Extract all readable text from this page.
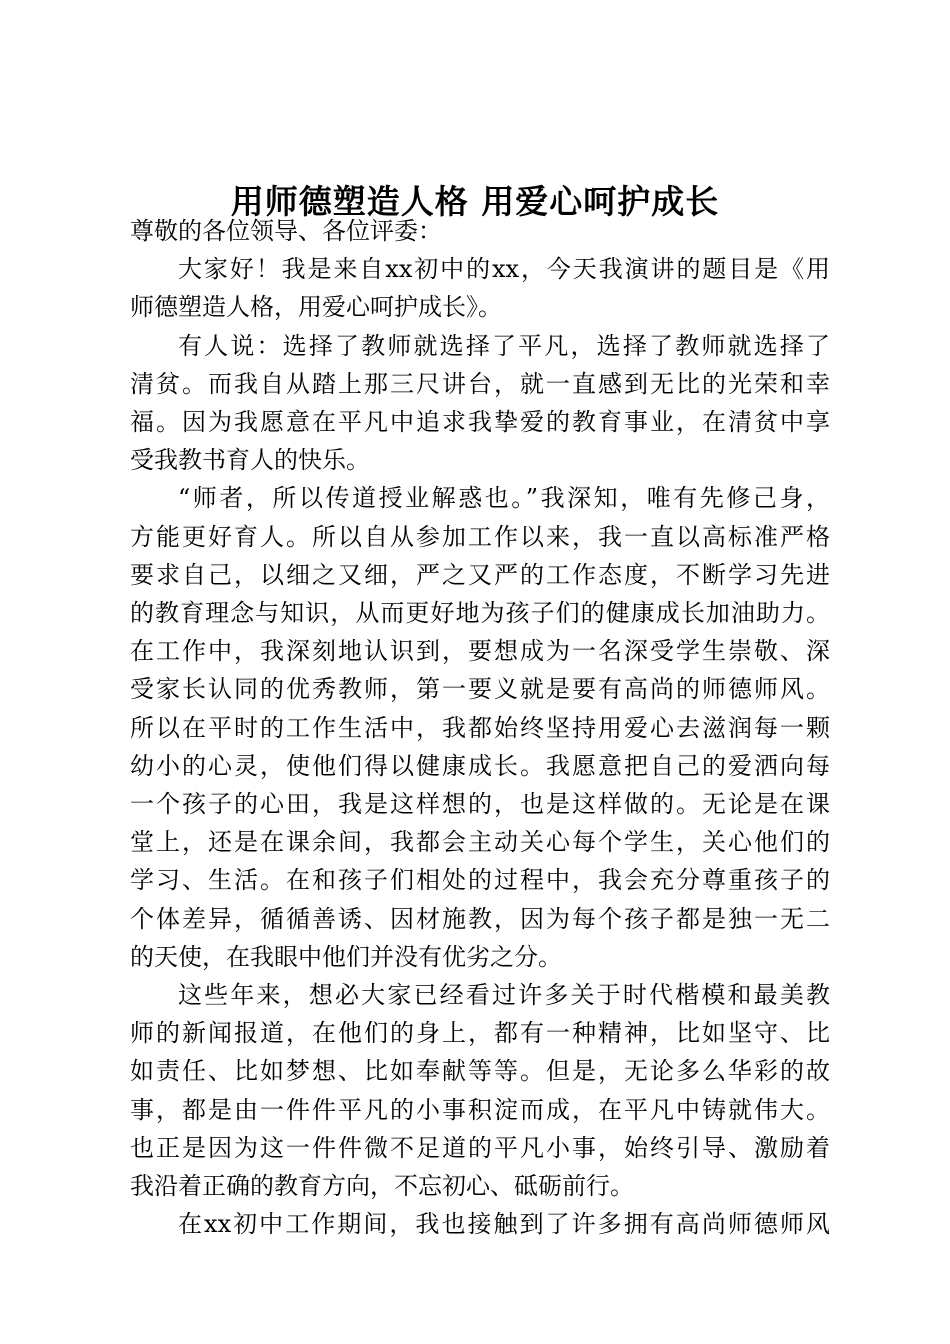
用师德塑造人格 用爱心呵护成长
尊敬的各位领导、各位评委：
大家好！我是来自xx初中的xx，今天我演讲的题目是《用
师德塑造人格，用爱心呵护成长》。
有人说：选择了教师就选择了平凡，选择了教师就选择了
清贫。而我自从踏上那三尺讲台，就一直感到无比的光荣和幸
福。因为我愿意在平凡中追求我挚爱的教育事业，在清贫中享
受我教书育人的快乐。
“师者，所以传道授业解惑也。”我深知，唯有先修己身，
方能更好育人。所以自从参加工作以来，我一直以高标准严格
要求自己，以细之又细，严之又严的工作态度，不断学习先进
的教育理念与知识，从而更好地为孩子们的健康成长加油助力。
在工作中，我深刻地认识到，要想成为一名深受学生崇敬、深
受家长认同的优秀教师，第一要义就是要有高尚的师德师风。
所以在平时的工作生活中，我都始终坚持用爱心去滋润每一颗
幼小的心灵，使他们得以健康成长。我愿意把自己的爱洒向每
一个孩子的心田，我是这样想的，也是这样做的。无论是在课
堂上，还是在课余间，我都会主动关心每个学生，关心他们的
学习、生活。在和孩子们相处的过程中，我会充分尊重孩子的
个体差异，循循善诱、因材施教，因为每个孩子都是独一无二
的天使，在我眼中他们并没有优劣之分。
这些年来，想必大家已经看过许多关于时代楷模和最美教
师的新闻报道，在他们的身上，都有一种精神，比如坚守、比
如责任、比如梦想、比如奉献等等。但是，无论多么华彩的故
事，都是由一件件平凡的小事积淀而成，在平凡中铸就伟大。
也正是因为这一件件微不足道的平凡小事，始终引导、激励着
我沿着正确的教育方向，不忘初心、砥砺前行。
在xx初中工作期间，我也接触到了许多拥有高尚师德师风
